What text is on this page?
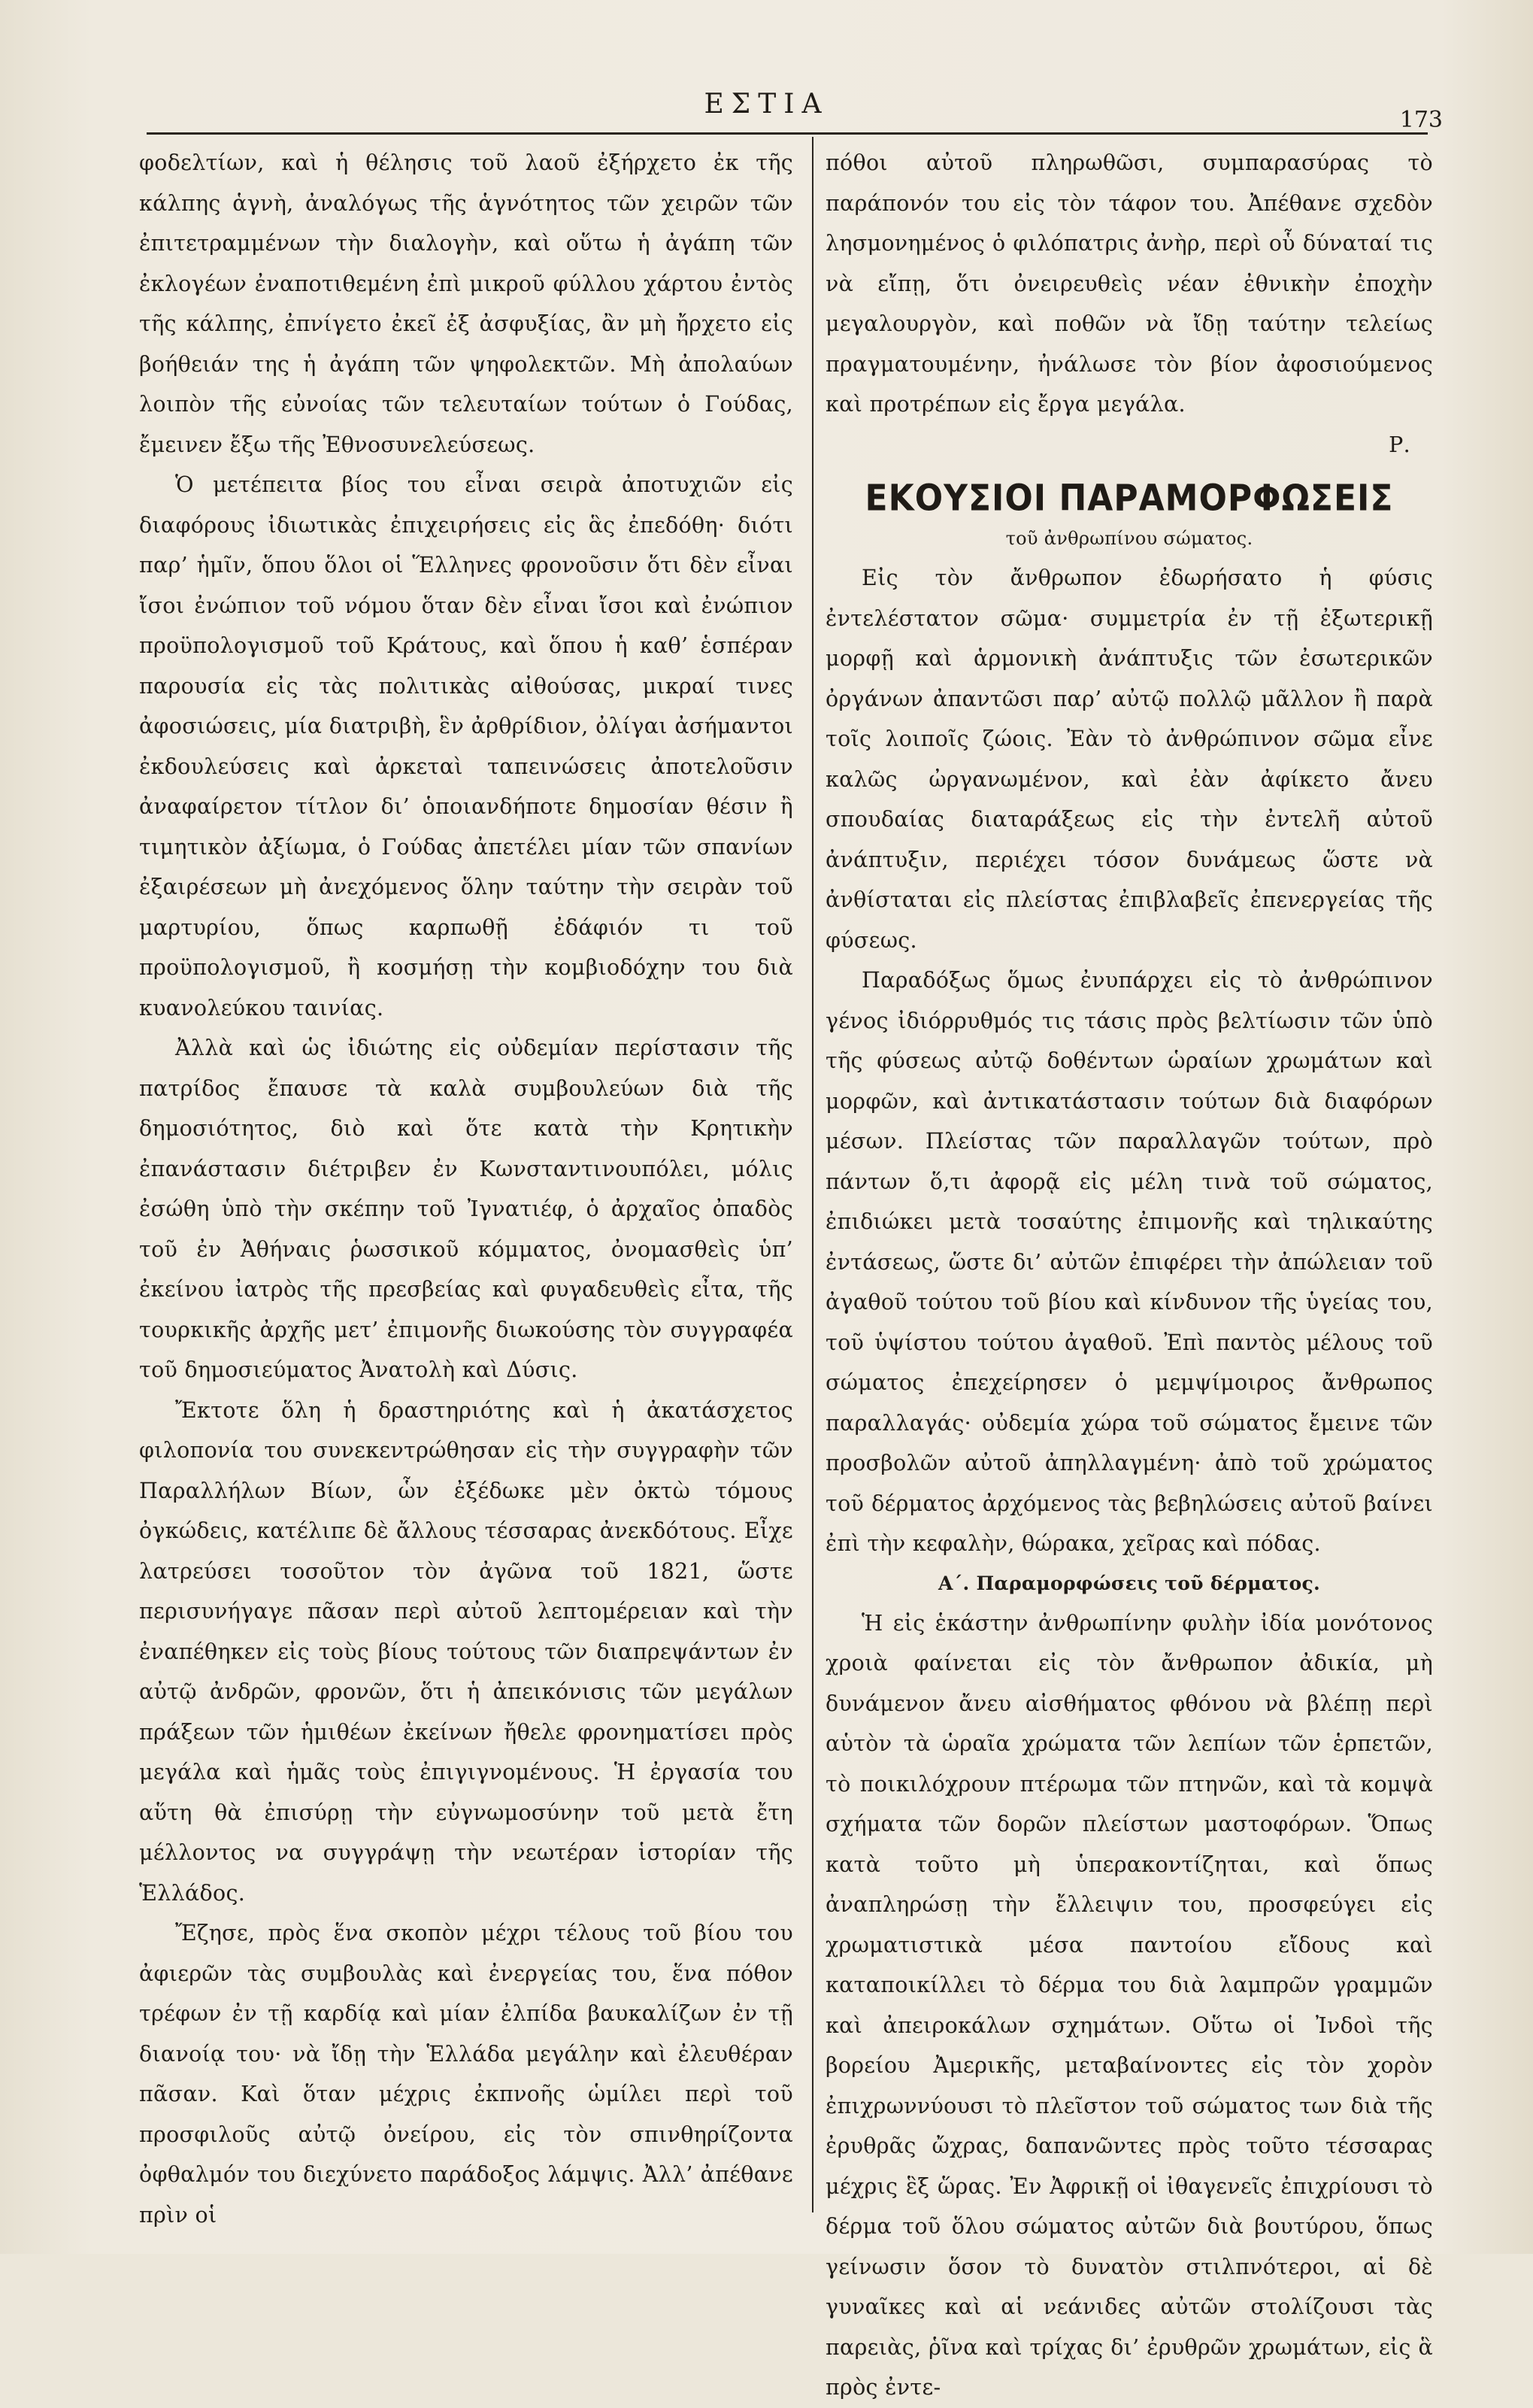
ΕΣΤΙΑ
173

φοδελτίων, καὶ ἡ θέλησις τοῦ λαοῦ ἐξήρχετο ἐκ τῆς κάλπης ἁγνὴ, ἀναλόγως τῆς ἁγνότητος τῶν χειρῶν τῶν ἐπιτετραμμένων τὴν διαλογὴν, καὶ οὕτω ἡ ἀγάπη τῶν ἐκλογέων ἐναποτιθεμένη ἐπὶ μικροῦ φύλλου χάρτου ἐντὸς τῆς κάλπης, ἐπνίγετο ἐκεῖ ἐξ ἀσφυξίας, ἂν μὴ ἤρχετο εἰς βοήθειάν της ἡ ἀγάπη τῶν ψηφολεκτῶν. Μὴ ἀπολαύων λοιπὸν τῆς εὐνοίας τῶν τελευταίων τούτων ὁ Γούδας, ἔμεινεν ἔξω τῆς Ἐθνοσυνελεύσεως.

Ὁ μετέπειτα βίος του εἶναι σειρὰ ἀποτυχιῶν εἰς διαφόρους ἰδιωτικὰς ἐπιχειρήσεις εἰς ἃς ἐπεδόθη· διότι παρ’ ἡμῖν, ὅπου ὅλοι οἱ Ἕλληνες φρονοῦσιν ὅτι δὲν εἶναι ἴσοι ἐνώπιον τοῦ νόμου ὅταν δὲν εἶναι ἴσοι καὶ ἐνώπιον προϋπολογισμοῦ τοῦ Κράτους, καὶ ὅπου ἡ καθ’ ἑσπέραν παρουσία εἰς τὰς πολιτικὰς αἰθούσας, μικραί τινες ἀφοσιώσεις, μία διατριβὴ, ἓν ἀρθρίδιον, ὀλίγαι ἀσήμαντοι ἐκδουλεύσεις καὶ ἀρκεταὶ ταπεινώσεις ἀποτελοῦσιν ἀναφαίρετον τίτλον δι’ ὁποιανδήποτε δημοσίαν θέσιν ἢ τιμητικὸν ἀξίωμα, ὁ Γούδας ἀπετέλει μίαν τῶν σπανίων ἐξαιρέσεων μὴ ἀνεχόμενος ὅλην ταύτην τὴν σειρὰν τοῦ μαρτυρίου, ὅπως καρπωθῇ ἐδάφιόν τι τοῦ προϋπολογισμοῦ, ἢ κοσμήσῃ τὴν κομβιοδόχην του διὰ κυανολεύκου ταινίας.

Ἀλλὰ καὶ ὡς ἰδιώτης εἰς οὐδεμίαν περίστασιν τῆς πατρίδος ἔπαυσε τὰ καλὰ συμβουλεύων διὰ τῆς δημοσιότητος, διὸ καὶ ὅτε κατὰ τὴν Κρητικὴν ἐπανάστασιν διέτριβεν ἐν Κωνσταντινουπόλει, μόλις ἐσώθη ὑπὸ τὴν σκέπην τοῦ Ἰγνατιέφ, ὁ ἀρχαῖος ὀπαδὸς τοῦ ἐν Ἀθήναις ῥωσσικοῦ κόμματος, ὀνομασθεὶς ὑπ’ ἐκείνου ἰατρὸς τῆς πρεσβείας καὶ φυγαδευθεὶς εἶτα, τῆς τουρκικῆς ἀρχῆς μετ’ ἐπιμονῆς διωκούσης τὸν συγγραφέα τοῦ δημοσιεύματος Ἀνατολὴ καὶ Δύσις.

Ἔκτοτε ὅλη ἡ δραστηριότης καὶ ἡ ἀκατάσχετος φιλοπονία του συνεκεντρώθησαν εἰς τὴν συγγραφὴν τῶν Παραλλήλων Βίων, ὧν ἐξέδωκε μὲν ὀκτὼ τόμους ὀγκώδεις, κατέλιπε δὲ ἄλλους τέσσαρας ἀνεκδότους. Εἶχε λατρεύσει τοσοῦτον τὸν ἀγῶνα τοῦ 1821, ὥστε περισυνήγαγε πᾶσαν περὶ αὐτοῦ λεπτομέρειαν καὶ τὴν ἐναπέθηκεν εἰς τοὺς βίους τούτους τῶν διαπρεψάντων ἐν αὐτῷ ἀνδρῶν, φρονῶν, ὅτι ἡ ἀπεικόνισις τῶν μεγάλων πράξεων τῶν ἡμιθέων ἐκείνων ἤθελε φρονηματίσει πρὸς μεγάλα καὶ ἡμᾶς τοὺς ἐπιγιγνομένους. Ἡ ἐργασία του αὕτη θὰ ἐπισύρῃ τὴν εὐγνωμοσύνην τοῦ μετὰ ἔτη μέλλοντος να συγγράψῃ τὴν νεωτέραν ἱστορίαν τῆς Ἑλλάδος.

Ἔζησε, πρὸς ἕνα σκοπὸν μέχρι τέλους τοῦ βίου του ἀφιερῶν τὰς συμβουλὰς καὶ ἐνεργείας του, ἕνα πόθον τρέφων ἐν τῇ καρδίᾳ καὶ μίαν ἐλπίδα βαυκαλίζων ἐν τῇ διανοίᾳ του· νὰ ἴδῃ τὴν Ἑλλάδα μεγάλην καὶ ἐλευθέραν πᾶσαν. Καὶ ὅταν μέχρις ἐκπνοῆς ὡμίλει περὶ τοῦ προσφιλοῦς αὐτῷ ὀνείρου, εἰς τὸν σπινθηρίζοντα ὀφθαλμόν του διεχύνετο παράδοξος λάμψις. Ἀλλ’ ἀπέθανε πρὶν οἱ

πόθοι αὐτοῦ πληρωθῶσι, συμπαρασύρας τὸ παράπονόν του εἰς τὸν τάφον του. Ἀπέθανε σχεδὸν λησμονημένος ὁ φιλόπατρις ἀνὴρ, περὶ οὗ δύναταί τις νὰ εἴπῃ, ὅτι ὀνειρευθεὶς νέαν ἐθνικὴν ἐποχὴν μεγαλουργὸν, καὶ ποθῶν νὰ ἴδῃ ταύτην τελείως πραγματουμένην, ἠνάλωσε τὸν βίον ἀφοσιούμενος καὶ προτρέπων εἰς ἔργα μεγάλα.

Ρ.

ΕΚΟΥΣΙΟΙ ΠΑΡΑΜΟΡΦΩΣΕΙΣ
τοῦ ἀνθρωπίνου σώματος.

Εἰς τὸν ἄνθρωπον ἐδωρήσατο ἡ φύσις ἐντελέστατον σῶμα· συμμετρία ἐν τῇ ἐξωτερικῇ μορφῇ καὶ ἁρμονικὴ ἀνάπτυξις τῶν ἐσωτερικῶν ὀργάνων ἀπαντῶσι παρ’ αὐτῷ πολλῷ μᾶλλον ἢ παρὰ τοῖς λοιποῖς ζώοις. Ἐὰν τὸ ἀνθρώπινον σῶμα εἶνε καλῶς ὠργανωμένον, καὶ ἐὰν ἀφίκετο ἄνευ σπουδαίας διαταράξεως εἰς τὴν ἐντελῆ αὐτοῦ ἀνάπτυξιν, περιέχει τόσον δυνάμεως ὥστε νὰ ἀνθίσταται εἰς πλείστας ἐπιβλαβεῖς ἐπενεργείας τῆς φύσεως.

Παραδόξως ὅμως ἐνυπάρχει εἰς τὸ ἀνθρώπινον γένος ἰδιόρρυθμός τις τάσις πρὸς βελτίωσιν τῶν ὑπὸ τῆς φύσεως αὐτῷ δοθέντων ὡραίων χρωμάτων καὶ μορφῶν, καὶ ἀντικατάστασιν τούτων διὰ διαφόρων μέσων. Πλείστας τῶν παραλλαγῶν τούτων, πρὸ πάντων ὅ,τι ἀφορᾷ εἰς μέλη τινὰ τοῦ σώματος, ἐπιδιώκει μετὰ τοσαύτης ἐπιμονῆς καὶ τηλικαύτης ἐντάσεως, ὥστε δι’ αὐτῶν ἐπιφέρει τὴν ἀπώλειαν τοῦ ἀγαθοῦ τούτου τοῦ βίου καὶ κίνδυνον τῆς ὑγείας του, τοῦ ὑψίστου τούτου ἀγαθοῦ. Ἐπὶ παντὸς μέλους τοῦ σώματος ἐπεχείρησεν ὁ μεμψίμοιρος ἄνθρωπος παραλλαγάς· οὐδεμία χώρα τοῦ σώματος ἔμεινε τῶν προσβολῶν αὐτοῦ ἀπηλλαγμένη· ἀπὸ τοῦ χρώματος τοῦ δέρματος ἀρχόμενος τὰς βεβηλώσεις αὐτοῦ βαίνει ἐπὶ τὴν κεφαλὴν, θώρακα, χεῖρας καὶ πόδας.

Α΄. Παραμορφώσεις τοῦ δέρματος.

Ἡ εἰς ἑκάστην ἀνθρωπίνην φυλὴν ἰδία μονότονος χροιὰ φαίνεται εἰς τὸν ἄνθρωπον ἀδικία, μὴ δυνάμενον ἄνευ αἰσθήματος φθόνου νὰ βλέπῃ περὶ αὑτὸν τὰ ὡραῖα χρώματα τῶν λεπίων τῶν ἑρπετῶν, τὸ ποικιλόχρουν πτέρωμα τῶν πτηνῶν, καὶ τὰ κομψὰ σχήματα τῶν δορῶν πλείστων μαστοφόρων. Ὅπως κατὰ τοῦτο μὴ ὑπερακοντίζηται, καὶ ὅπως ἀναπληρώσῃ τὴν ἔλλειψιν του, προσφεύγει εἰς χρωματιστικὰ μέσα παντοίου εἴδους καὶ καταποικίλλει τὸ δέρμα του διὰ λαμπρῶν γραμμῶν καὶ ἀπειροκάλων σχημάτων. Οὕτω οἱ Ἰνδοὶ τῆς βορείου Ἀμερικῆς, μεταβαίνοντες εἰς τὸν χορὸν ἐπιχρωννύουσι τὸ πλεῖστον τοῦ σώματος των διὰ τῆς ἐρυθρᾶς ὤχρας, δαπανῶντες πρὸς τοῦτο τέσσαρας μέχρις ἓξ ὥρας. Ἐν Ἀφρικῇ οἱ ἰθαγενεῖς ἐπιχρίουσι τὸ δέρμα τοῦ ὅλου σώματος αὐτῶν διὰ βουτύρου, ὅπως γείνωσιν ὅσον τὸ δυνατὸν στιλπνότεροι, αἱ δὲ γυναῖκες καὶ αἱ νεάνιδες αὐτῶν στολίζουσι τὰς παρειὰς, ῥῖνα καὶ τρίχας δι’ ἐρυθρῶν χρωμάτων, εἰς ἃ πρὸς ἐντε-
